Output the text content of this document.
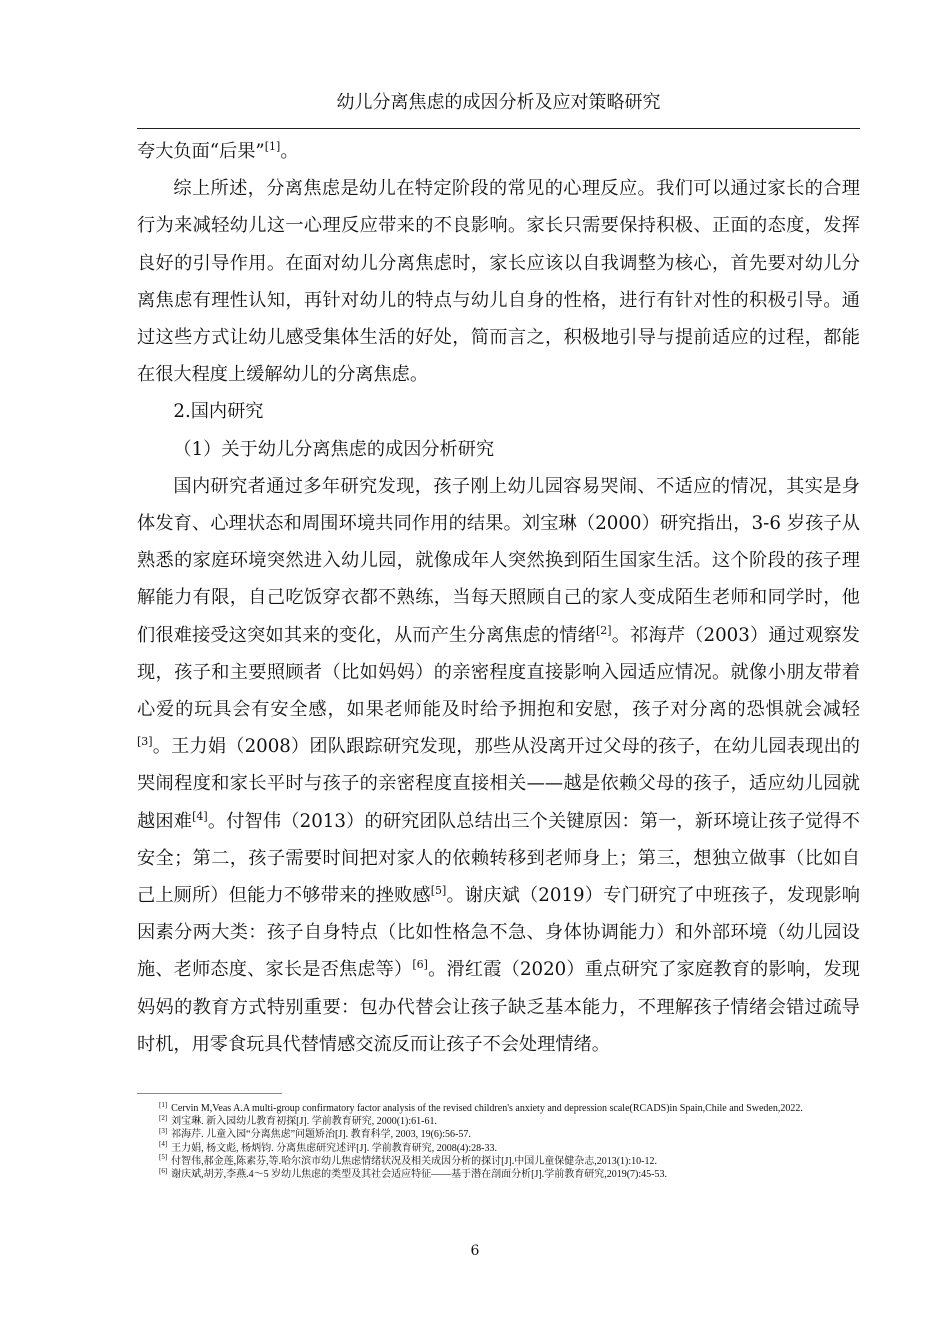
幼儿分离焦虑的成因分析及应对策略研究

夸大负面“后果”[1]。

综上所述，分离焦虑是幼儿在特定阶段的常见的心理反应。我们可以通过家长的合理行为来减轻幼儿这一心理反应带来的不良影响。家长只需要保持积极、正面的态度，发挥良好的引导作用。在面对幼儿分离焦虑时，家长应该以自我调整为核心，首先要对幼儿分离焦虑有理性认知，再针对幼儿的特点与幼儿自身的性格，进行有针对性的积极引导。通过这些方式让幼儿感受集体生活的好处，简而言之，积极地引导与提前适应的过程，都能在很大程度上缓解幼儿的分离焦虑。

2.国内研究

（1）关于幼儿分离焦虑的成因分析研究

国内研究者通过多年研究发现，孩子刚上幼儿园容易哭闹、不适应的情况，其实是身体发育、心理状态和周围环境共同作用的结果。刘宝琳（2000）研究指出，3-6 岁孩子从熟悉的家庭环境突然进入幼儿园，就像成年人突然换到陌生国家生活。这个阶段的孩子理解能力有限，自己吃饭穿衣都不熟练，当每天照顾自己的家人变成陌生老师和同学时，他们很难接受这突如其来的变化，从而产生分离焦虑的情绪[2]。祁海芹（2003）通过观察发现，孩子和主要照顾者（比如妈妈）的亲密程度直接影响入园适应情况。就像小朋友带着心爱的玩具会有安全感，如果老师能及时给予拥抱和安慰，孩子对分离的恐惧就会减轻[3]。王力娟（2008）团队跟踪研究发现，那些从没离开过父母的孩子，在幼儿园表现出的哭闹程度和家长平时与孩子的亲密程度直接相关——越是依赖父母的孩子，适应幼儿园就越困难[4]。付智伟（2013）的研究团队总结出三个关键原因：第一，新环境让孩子觉得不安全；第二，孩子需要时间把对家人的依赖转移到老师身上；第三，想独立做事（比如自己上厕所）但能力不够带来的挫败感[5]。谢庆斌（2019）专门研究了中班孩子，发现影响因素分两大类：孩子自身特点（比如性格急不急、身体协调能力）和外部环境（幼儿园设施、老师态度、家长是否焦虑等）[6]。滑红霞（2020）重点研究了家庭教育的影响，发现妈妈的教育方式特别重要：包办代替会让孩子缺乏基本能力，不理解孩子情绪会错过疏导时机，用零食玩具代替情感交流反而让孩子不会处理情绪。

[1] Cervin M,Veas A.A multi-group confirmatory factor analysis of the revised children's anxiety and depression scale(RCADS)in Spain,Chile and Sweden,2022.

[2] 刘宝琳. 新入园幼儿教育初探[J]. 学前教育研究, 2000(1):61-61.

[3] 祁海芹. 儿童入园“分离焦虑”问题矫治[J]. 教育科学, 2003, 19(6):56-57.

[4] 王力娟, 杨文彪, 杨炳钧. 分离焦虑研究述评[J]. 学前教育研究, 2008(4):28-33.

[5] 付智伟,郝金莲,陈素芬,等.哈尔滨市幼儿焦虑情绪状况及相关成因分析的探讨[J].中国儿童保健杂志,2013(1):10-12.

[6] 谢庆斌,胡芳,李燕.4～5 岁幼儿焦虑的类型及其社会适应特征——基于潜在剖面分析[J].学前教育研究,2019(7):45-53.

6
